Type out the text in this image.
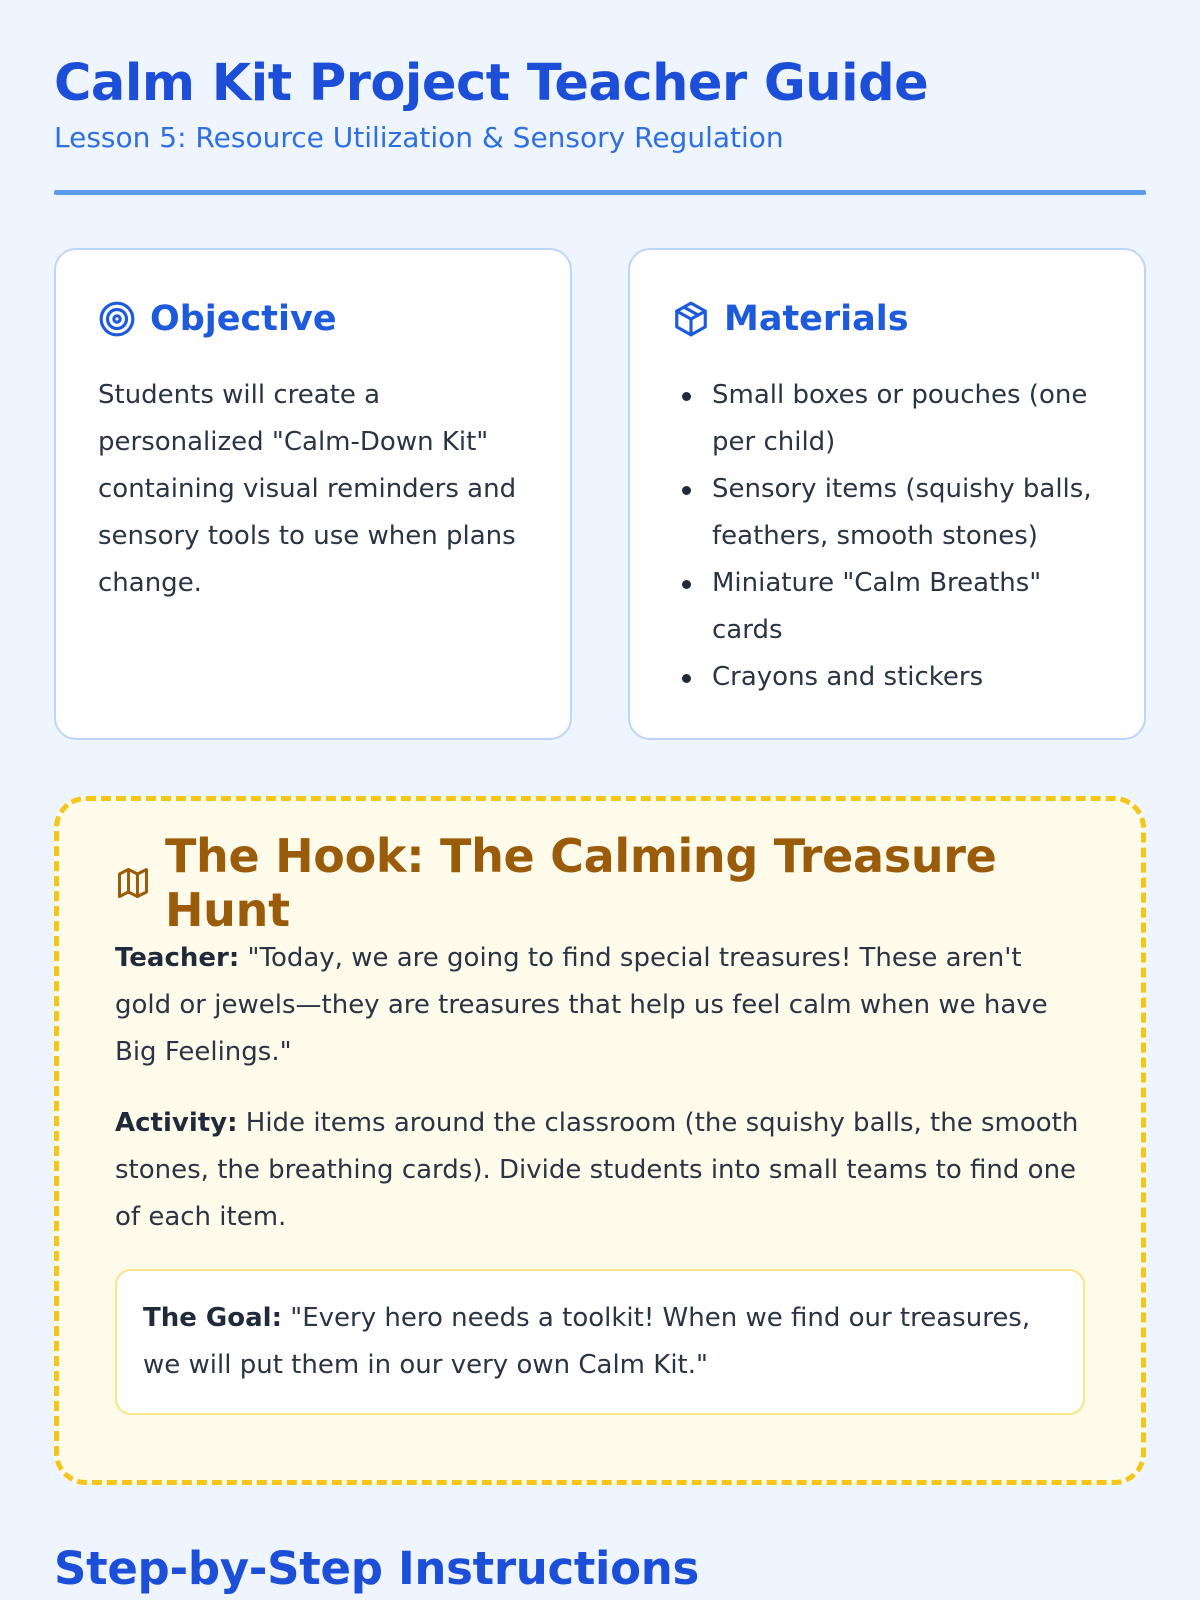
Calm Kit Project Teacher Guide
Lesson 5: Resource Utilization & Sensory Regulation
Objective

Students will create a personalized "Calm-Down Kit" containing visual reminders and sensory tools to use when plans change.

Materials
Small boxes or pouches (one per child)
Sensory items (squishy balls, feathers, smooth stones)
Miniature "Calm Breaths" cards
Crayons and stickers
The Hook: The Calming Treasure Hunt

Teacher: "Today, we are going to find special treasures! These aren't gold or jewels—they are treasures that help us feel calm when we have Big Feelings."

Activity: Hide items around the classroom (the squishy balls, the smooth stones, the breathing cards). Divide students into small teams to find one of each item.

The Goal: "Every hero needs a toolkit! When we find our treasures, we will put them in our very own Calm Kit."
Step-by-Step Instructions
